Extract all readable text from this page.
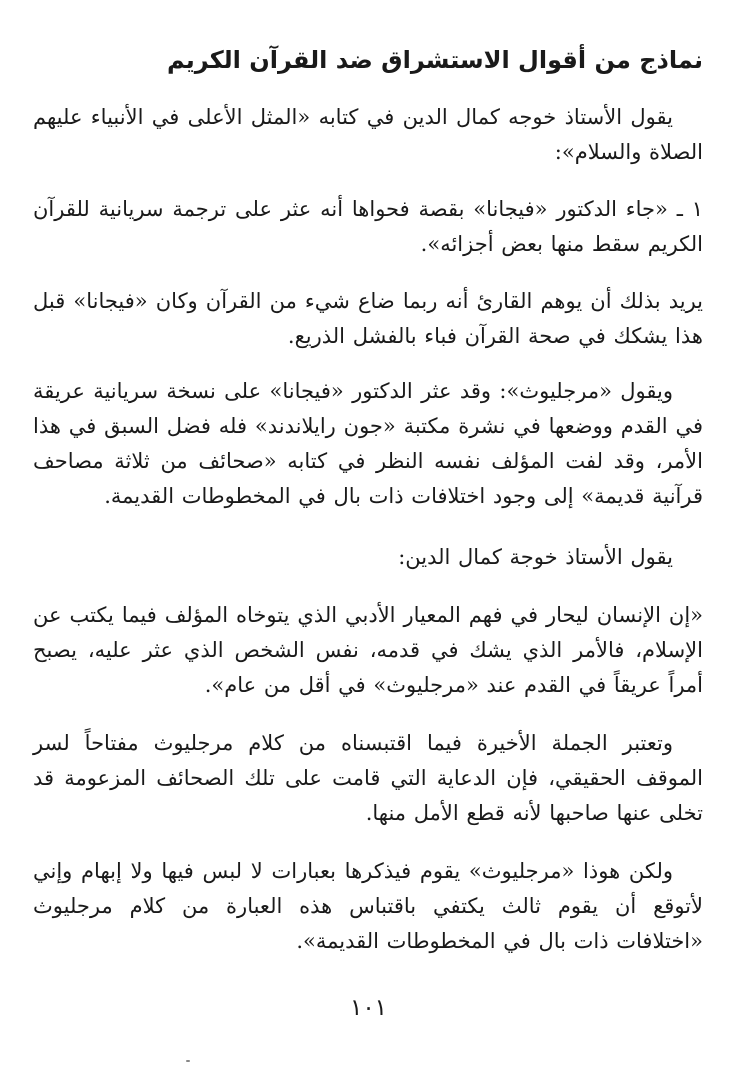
نماذج من أقوال الاستشراق ضد القرآن الكريم

يقول الأستاذ خوجه كمال الدين في كتابه «المثل الأعلى في الأنبياء عليهم الصلاة والسلام»:

١ ـ «جاء الدكتور «فيجانا» بقصة فحواها أنه عثر على ترجمة سريانية للقرآن الكريم سقط منها بعض أجزائه».

يريد بذلك أن يوهم القارئ أنه ربما ضاع شيء من القرآن وكان «فيجانا» قبل هذا يشكك في صحة القرآن فباء بالفشل الذريع.

ويقول «مرجليوث»: وقد عثر الدكتور «فيجانا» على نسخة سريانية عريقة في القدم ووضعها في نشرة مكتبة «جون رايلاندند» فله فضل السبق في هذا الأمر، وقد لفت المؤلف نفسه النظر في كتابه «صحائف من ثلاثة مصاحف قرآنية قديمة» إلى وجود اختلافات ذات بال في المخطوطات القديمة.

يقول الأستاذ خوجة كمال الدين:

«إن الإنسان ليحار في فهم المعيار الأدبي الذي يتوخاه المؤلف فيما يكتب عن الإسلام، فالأمر الذي يشك في قدمه، نفس الشخص الذي عثر عليه، يصبح أمراً عريقاً في القدم عند «مرجليوث» في أقل من عام».

وتعتبر الجملة الأخيرة فيما اقتبسناه من كلام مرجليوث مفتاحاً لسر الموقف الحقيقي، فإن الدعاية التي قامت على تلك الصحائف المزعومة قد تخلى عنها صاحبها لأنه قطع الأمل منها.

ولكن هوذا «مرجليوث» يقوم فيذكرها بعبارات لا لبس فيها ولا إبهام وإني لأتوقع أن يقوم ثالث يكتفي باقتباس هذه العبارة من كلام مرجليوث «اختلافات ذات بال في المخطوطات القديمة».

١٠١
